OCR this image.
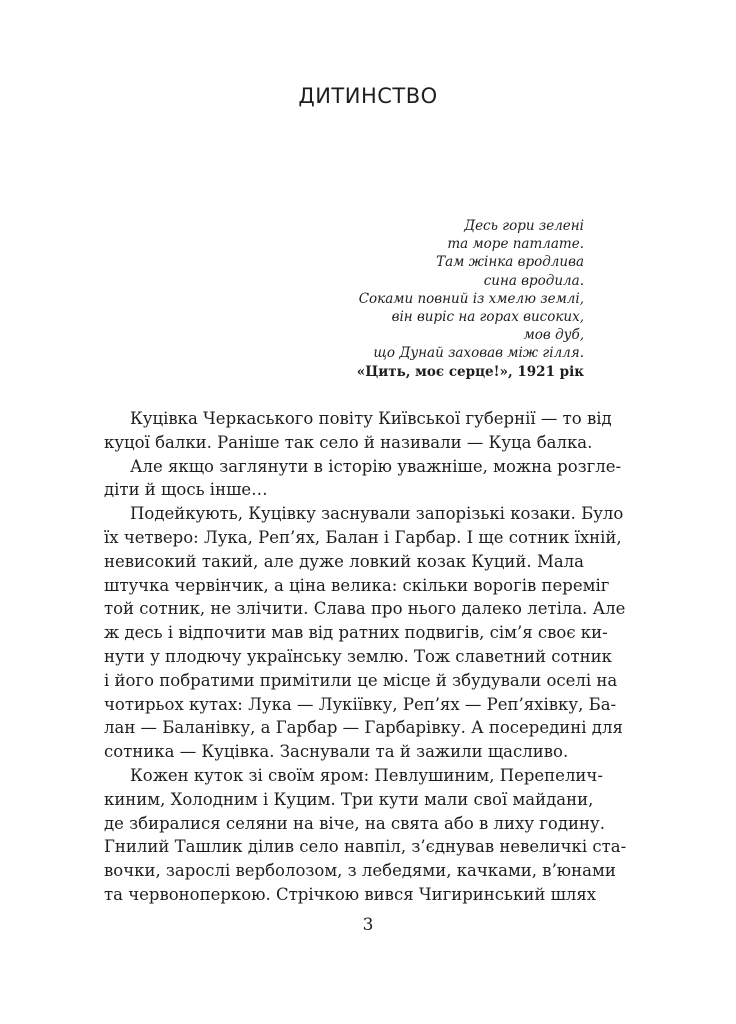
ДИТИНСТВО
Десь гори зелені
та море патлате.
Там жінка вродлива
сина вродила.
Соками повний із хмелю землі,
він виріс на горах високих,
мов дуб,
що Дунай заховав між гілля.
«Цить, моє серце!», 1921 рік
Куцівка Черкаського повіту Київської губернії — то від
куцої балки. Раніше так село й називали — Куца балка.
Але якщо заглянути в історію уважніше, можна розгле-
діти й щось інше…
Подейкують, Куцівку заснували запорізькі козаки. Було
їх четверо: Лука, Реп’ях, Балан і Гарбар. І ще сотник їхній,
невисокий такий, але дуже ловкий козак Куций. Мала
штучка червінчик, а ціна велика: скільки ворогів переміг
той сотник, не злічити. Слава про нього далеко летіла. Але
ж десь і відпочити мав від ратних подвигів, сім’я своє ки-
нути у плодючу українську землю. Тож славетний сотник
і його побратими примітили це місце й збудували оселі на
чотирьох кутах: Лука — Лукіївку, Реп’ях — Реп’яхівку, Ба-
лан — Баланівку, а Гарбар — Гарбарівку. А посередині для
сотника — Куцівка. Заснували та й зажили щасливо.
Кожен куток зі своїм яром: Певлушиним, Перепелич-
киним, Холодним і Куцим. Три кути мали свої майдани,
де збиралися селяни на віче, на свята або в лиху годину.
Гнилий Ташлик ділив село навпіл, з’єднував невеличкі ста-
вочки, зарослі верболозом, з лебедями, качками, в’юнами
та червоноперкою. Стрічкою вився Чигиринський шлях
3
